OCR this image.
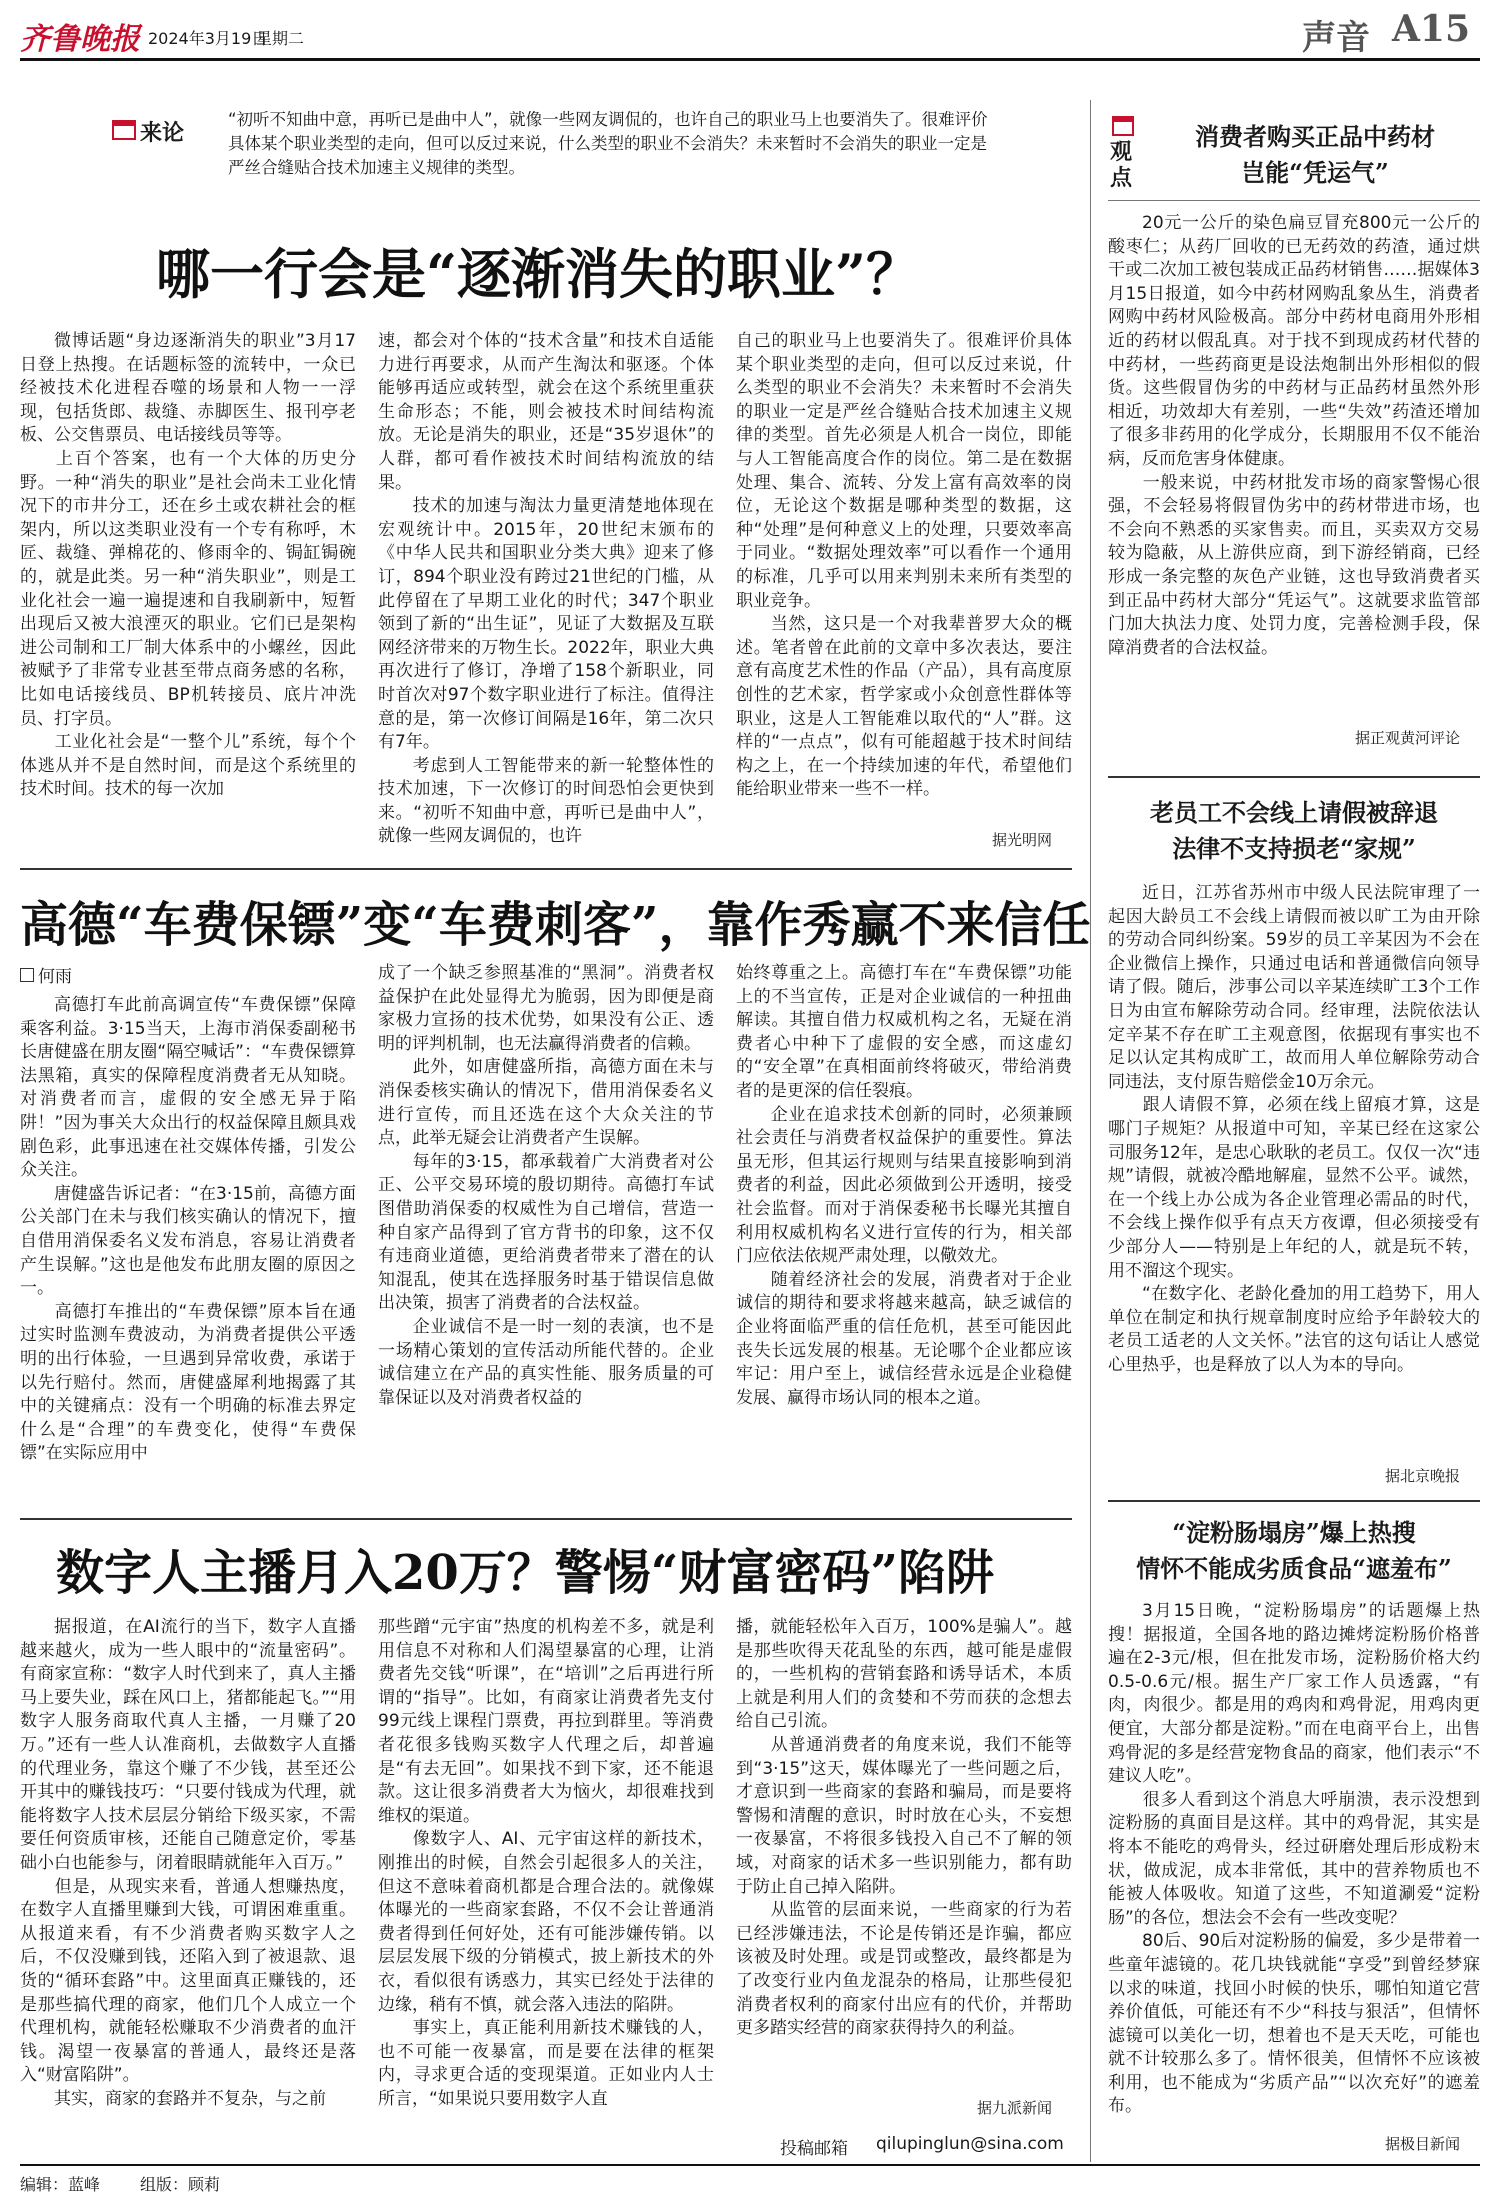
齐鲁晚报 2024年3月19日
星期二	声音 A15
来论
“初听不知曲中意，再听已是曲中人”，就像一些网友调侃的，也许自己的职业马上也要消失了。很难评价具体某个职业类型的走向，但可以反过来说，什么类型的职业不会消失？未来暂时不会消失的职业一定是严丝合缝贴合技术加速主义规律的类型。
哪一行会是“逐渐消失的职业”？

微博话题“身边逐渐消失的职业”3月17日登上热搜。在话题标签的流转中，一众已经被技术化进程吞噬的场景和人物一一浮现，包括货郎、裁缝、赤脚医生、报刊亭老板、公交售票员、电话接线员等等。
上百个答案，也有一个大体的历史分野。一种“消失的职业”是社会尚未工业化情况下的市井分工，还在乡土或农耕社会的框架内，所以这类职业没有一个专有称呼，木匠、裁缝、弹棉花的、修雨伞的、锔缸锔碗的，就是此类。另一种“消失职业”，则是工业化社会一遍一遍提速和自我刷新中，短暂出现后又被大浪湮灭的职业。它们已是架构进公司制和工厂制大体系中的小螺丝，因此被赋予了非常专业甚至带点商务感的名称，比如电话接线员、BP机转接员、底片冲洗员、打字员。
工业化社会是“一整个儿”系统，每个个体逃从并不是自然时间，而是这个系统里的技术时间。技术的每一次加

速，都会对个体的“技术含量”和技术自适能力进行再要求，从而产生淘汰和驱逐。个体能够再适应或转型，就会在这个系统里重获生命形态；不能，则会被技术时间结构流放。无论是消失的职业，还是“35岁退休”的人群，都可看作被技术时间结构流放的结果。
技术的加速与淘汰力量更清楚地体现在宏观统计中。2015年，20世纪末颁布的《中华人民共和国职业分类大典》迎来了修订，894个职业没有跨过21世纪的门槛，从此停留在了早期工业化的时代；347个职业领到了新的“出生证”，见证了大数据及互联网经济带来的万物生长。2022年，职业大典再次进行了修订，净增了158个新职业，同时首次对97个数字职业进行了标注。值得注意的是，第一次修订间隔是16年，第二次只有7年。
考虑到人工智能带来的新一轮整体性的技术加速，下一次修订的时间恐怕会更快到来。“初听不知曲中意，再听已是曲中人”，就像一些网友调侃的，也许

自己的职业马上也要消失了。很难评价具体某个职业类型的走向，但可以反过来说，什么类型的职业不会消失？未来暂时不会消失的职业一定是严丝合缝贴合技术加速主义规律的类型。首先必须是人机合一岗位，即能与人工智能高度合作的岗位。第二是在数据处理、集合、流转、分发上富有高效率的岗位，无论这个数据是哪种类型的数据，这种“处理”是何种意义上的处理，只要效率高于同业。“数据处理效率”可以看作一个通用的标准，几乎可以用来判别未来所有类型的职业竞争。
当然，这只是一个对我辈普罗大众的概述。笔者曾在此前的文章中多次表达，要注意有高度艺术性的作品（产品），具有高度原创性的艺术家，哲学家或小众创意性群体等职业，这是人工智能难以取代的“人”群。这样的“一点点”，似有可能超越于技术时间结构之上，在一个持续加速的年代，希望他们能给职业带来一些不一样。

据光明网
高德“车费保镖”变“车费刺客”，靠作秀赢不来信任
何雨

高德打车此前高调宣传“车费保镖”保障乘客利益。3·15当天，上海市消保委副秘书长唐健盛在朋友圈“隔空喊话”：“车费保镖算法黑箱，真实的保障程度消费者无从知晓。对消费者而言，虚假的安全感无异于陷阱！”因为事关大众出行的权益保障且颇具戏剧色彩，此事迅速在社交媒体传播，引发公众关注。
唐健盛告诉记者：“在3·15前，高德方面公关部门在未与我们核实确认的情况下，擅自借用消保委名义发布消息，容易让消费者产生误解。”这也是他发布此朋友圈的原因之一。
高德打车推出的“车费保镖”原本旨在通过实时监测车费波动，为消费者提供公平透明的出行体验，一旦遇到异常收费，承诺于以先行赔付。然而，唐健盛犀利地揭露了其中的关键痛点：没有一个明确的标准去界定什么是“合理”的车费变化，使得“车费保镖”在实际应用中

成了一个缺乏参照基准的“黑洞”。消费者权益保护在此处显得尤为脆弱，因为即便是商家极力宣扬的技术优势，如果没有公正、透明的评判机制，也无法赢得消费者的信赖。
此外，如唐健盛所指，高德方面在未与消保委核实确认的情况下，借用消保委名义进行宣传，而且还选在这个大众关注的节点，此举无疑会让消费者产生误解。
每年的3·15，都承载着广大消费者对公正、公平交易环境的殷切期待。高德打车试图借助消保委的权威性为自己增信，营造一种自家产品得到了官方背书的印象，这不仅有违商业道德，更给消费者带来了潜在的认知混乱，使其在选择服务时基于错误信息做出决策，损害了消费者的合法权益。
企业诚信不是一时一刻的表演，也不是一场精心策划的宣传活动所能代替的。企业诚信建立在产品的真实性能、服务质量的可靠保证以及对消费者权益的

始终尊重之上。高德打车在“车费保镖”功能上的不当宣传，正是对企业诚信的一种扭曲解读。其擅自借力权威机构之名，无疑在消费者心中种下了虚假的安全感，而这虚幻的“安全罩”在真相面前终将破灭，带给消费者的是更深的信任裂痕。
企业在追求技术创新的同时，必须兼顾社会责任与消费者权益保护的重要性。算法虽无形，但其运行规则与结果直接影响到消费者的利益，因此必须做到公开透明，接受社会监督。而对于消保委秘书长曝光其擅自利用权威机构名义进行宣传的行为，相关部门应依法依规严肃处理，以儆效尤。
随着经济社会的发展，消费者对于企业诚信的期待和要求将越来越高，缺乏诚信的企业将面临严重的信任危机，甚至可能因此丧失长远发展的根基。无论哪个企业都应该牢记：用户至上，诚信经营永远是企业稳健发展、赢得市场认同的根本之道。

数字人主播月入20万？警惕“财富密码”陷阱

据报道，在AI流行的当下，数字人直播越来越火，成为一些人眼中的“流量密码”。有商家宣称：“数字人时代到来了，真人主播马上要失业，踩在风口上，猪都能起飞。”“用数字人服务商取代真人主播，一月赚了20万。”还有一些人认准商机，去做数字人直播的代理业务，靠这个赚了不少钱，甚至还公开其中的赚钱技巧：“只要付钱成为代理，就能将数字人技术层层分销给下级买家，不需要任何资质审核，还能自己随意定价，零基础小白也能参与，闭着眼睛就能年入百万。”
但是，从现实来看，普通人想赚热度，在数字人直播里赚到大钱，可谓困难重重。从报道来看，有不少消费者购买数字人之后，不仅没赚到钱，还陷入到了被退款、退货的“循环套路”中。这里面真正赚钱的，还是那些搞代理的商家，他们几个人成立一个代理机构，就能轻松赚取不少消费者的血汗钱。渴望一夜暴富的普通人，最终还是落入“财富陷阱”。
其实，商家的套路并不复杂，与之前

那些蹭“元宇宙”热度的机构差不多，就是利用信息不对称和人们渴望暴富的心理，让消费者先交钱“听课”，在“培训”之后再进行所谓的“指导”。比如，有商家让消费者先支付99元线上课程门票费，再拉到群里。等消费者花很多钱购买数字人代理之后，却普遍是“有去无回”。如果找不到下家，还不能退款。这让很多消费者大为恼火，却很难找到维权的渠道。
像数字人、AI、元宇宙这样的新技术，刚推出的时候，自然会引起很多人的关注，但这不意味着商机都是合理合法的。就像媒体曝光的一些商家套路，不仅不会让普通消费者得到任何好处，还有可能涉嫌传销。以层层发展下级的分销模式，披上新技术的外衣，看似很有诱惑力，其实已经处于法律的边缘，稍有不慎，就会落入违法的陷阱。
事实上，真正能利用新技术赚钱的人，也不可能一夜暴富，而是要在法律的框架内，寻求更合适的变现渠道。正如业内人士所言，“如果说只要用数字人直

播，就能轻松年入百万，100%是骗人”。越是那些吹得天花乱坠的东西，越可能是虚假的，一些机构的营销套路和诱导话术，本质上就是利用人们的贪婪和不劳而获的念想去给自己引流。
从普通消费者的角度来说，我们不能等到“3·15”这天，媒体曝光了一些问题之后，才意识到一些商家的套路和骗局，而是要将警惕和清醒的意识，时时放在心头，不妄想一夜暴富，不将很多钱投入自己不了解的领域，对商家的话术多一些识别能力，都有助于防止自己掉入陷阱。
从监管的层面来说，一些商家的行为若已经涉嫌违法，不论是传销还是诈骗，都应该被及时处理。或是罚或整改，最终都是为了改变行业内鱼龙混杂的格局，让那些侵犯消费者权利的商家付出应有的代价，并帮助更多踏实经营的商家获得持久的利益。

据九派新闻
投稿邮箱 qilupinglun@sina.com
观点
消费者购买正品中药材
岂能“凭运气”

20元一公斤的染色扁豆冒充800元一公斤的酸枣仁；从药厂回收的已无药效的药渣，通过烘干或二次加工被包装成正品药材销售……据媒体3月15日报道，如今中药材网购乱象丛生，消费者网购中药材风险极高。部分中药材电商用外形相近的药材以假乱真。对于找不到现成药材代替的中药材，一些药商更是设法炮制出外形相似的假货。这些假冒伪劣的中药材与正品药材虽然外形相近，功效却大有差别，一些“失效”药渣还增加了很多非药用的化学成分，长期服用不仅不能治病，反而危害身体健康。
一般来说，中药材批发市场的商家警惕心很强，不会轻易将假冒伪劣中的药材带进市场，也不会向不熟悉的买家售卖。而且，买卖双方交易较为隐蔽，从上游供应商，到下游经销商，已经形成一条完整的灰色产业链，这也导致消费者买到正品中药材大部分“凭运气”。这就要求监管部门加大执法力度、处罚力度，完善检测手段，保障消费者的合法权益。

据正观黄河评论
老员工不会线上请假被辞退
法律不支持损老“家规”

近日，江苏省苏州市中级人民法院审理了一起因大龄员工不会线上请假而被以旷工为由开除的劳动合同纠纷案。59岁的员工辛某因为不会在企业微信上操作，只通过电话和普通微信向领导请了假。随后，涉事公司以辛某连续旷工3个工作日为由宣布解除劳动合同。经审理，法院依法认定辛某不存在旷工主观意图，依据现有事实也不足以认定其构成旷工，故而用人单位解除劳动合同违法，支付原告赔偿金10万余元。
跟人请假不算，必须在线上留痕才算，这是哪门子规矩？从报道中可知，辛某已经在这家公司服务12年，是忠心耿耿的老员工。仅仅一次“违规”请假，就被冷酷地解雇，显然不公平。诚然，在一个线上办公成为各企业管理必需品的时代，不会线上操作似乎有点天方夜谭，但必须接受有少部分人——特别是上年纪的人，就是玩不转，用不溜这个现实。
“在数字化、老龄化叠加的用工趋势下，用人单位在制定和执行规章制度时应给予年龄较大的老员工适老的人文关怀。”法官的这句话让人感觉心里热乎，也是释放了以人为本的导向。

据北京晚报
“淀粉肠塌房”爆上热搜
情怀不能成劣质食品“遮羞布”

3月15日晚，“淀粉肠塌房”的话题爆上热搜！据报道，全国各地的路边摊烤淀粉肠价格普遍在2-3元/根，但在批发市场，淀粉肠价格大约0.5-0.6元/根。据生产厂家工作人员透露，“有肉，肉很少。都是用的鸡肉和鸡骨泥，用鸡肉更便宜，大部分都是淀粉。”而在电商平台上，出售鸡骨泥的多是经营宠物食品的商家，他们表示“不建议人吃”。
很多人看到这个消息大呼崩溃，表示没想到淀粉肠的真面目是这样。其中的鸡骨泥，其实是将本不能吃的鸡骨头，经过研磨处理后形成粉末状，做成泥，成本非常低，其中的营养物质也不能被人体吸收。知道了这些，不知道涮爱“淀粉肠”的各位，想法会不会有一些改变呢？
80后、90后对淀粉肠的偏爱，多少是带着一些童年滤镜的。花几块钱就能“享受”到曾经梦寐以求的味道，找回小时候的快乐，哪怕知道它营养价值低，可能还有不少“科技与狠活”，但情怀滤镜可以美化一切，想着也不是天天吃，可能也就不计较那么多了。情怀很美，但情怀不应该被利用，也不能成为“劣质产品”“以次充好”的遮羞布。

据极目新闻
编辑：蓝峰 组版：顾莉
